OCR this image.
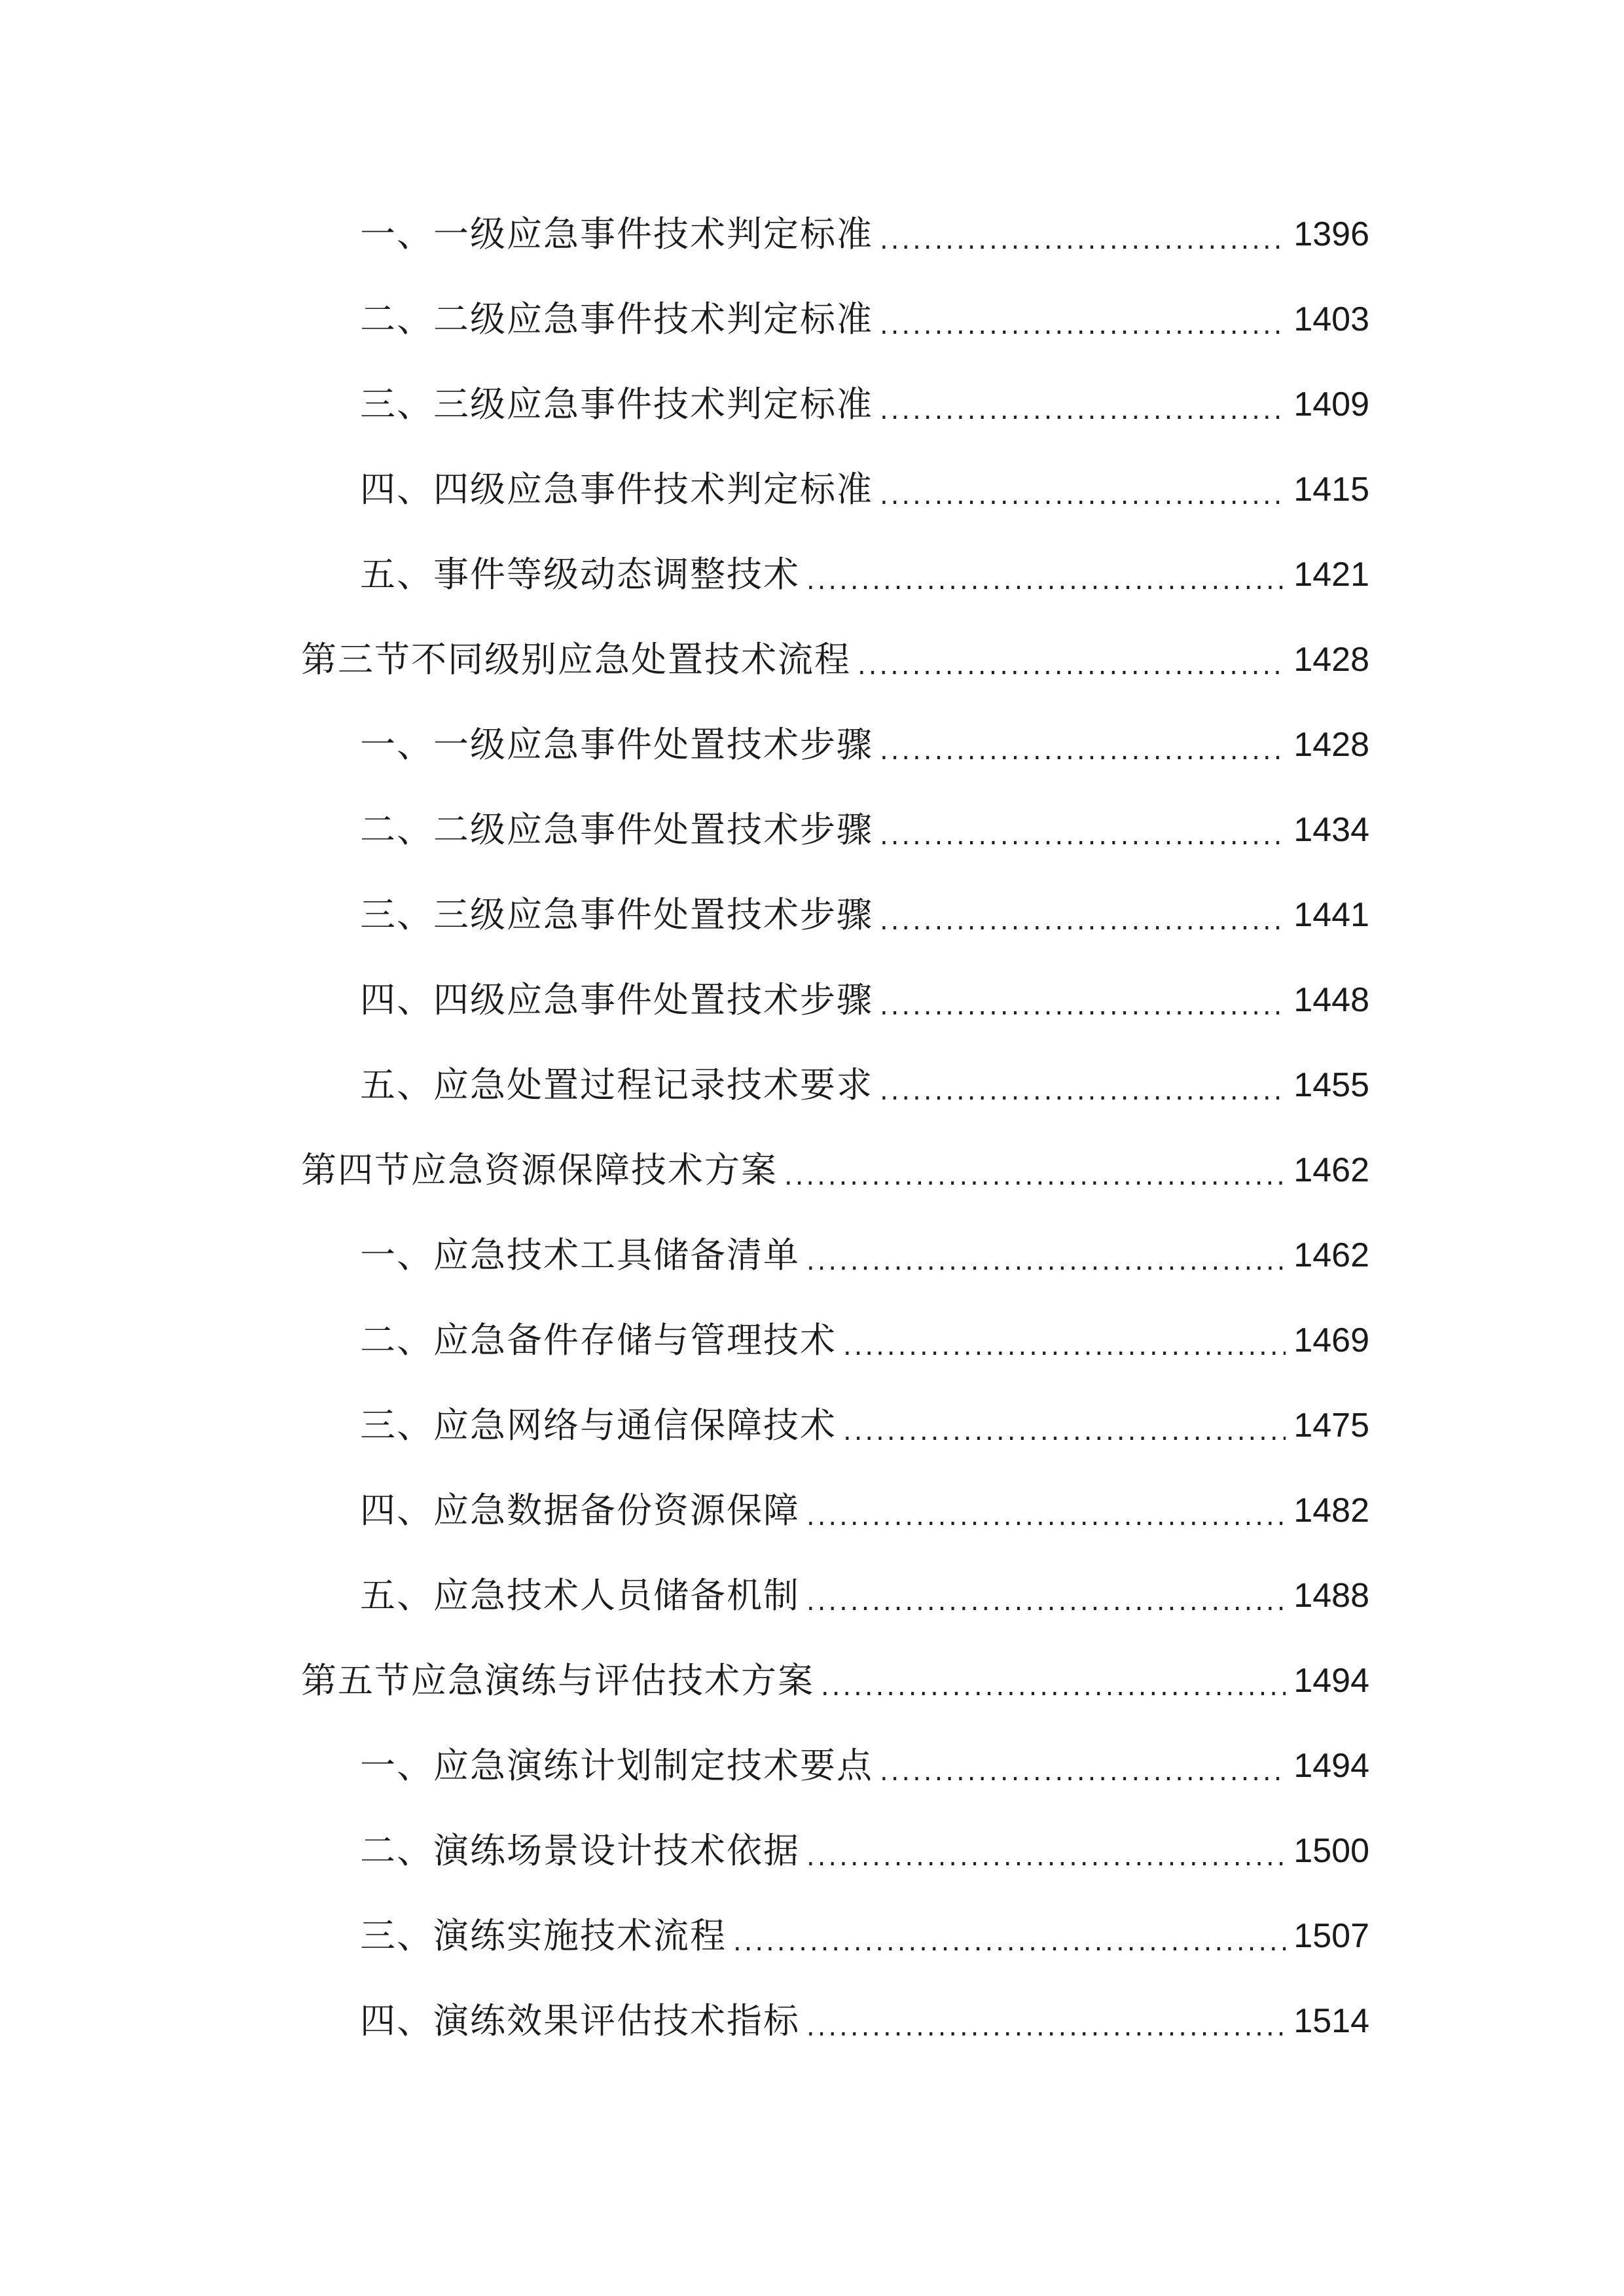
一、一级应急事件技术判定标准 .....	1396
二、二级应急事件技术判定标准 .....	1403
三、三级应急事件技术判定标准 .....	1409
四、四级应急事件技术判定标准 .....	1415
五、事件等级动态调整技术 .....	1421
第三节不同级别应急处置技术流程 .....	1428
一、一级应急事件处置技术步骤 .....	1428
二、二级应急事件处置技术步骤 .....	1434
三、三级应急事件处置技术步骤 .....	1441
四、四级应急事件处置技术步骤 .....	1448
五、应急处置过程记录技术要求 .....	1455
第四节应急资源保障技术方案 .....	1462
一、应急技术工具储备清单 .....	1462
二、应急备件存储与管理技术 .....	1469
三、应急网络与通信保障技术 .....	1475
四、应急数据备份资源保障 .....	1482
五、应急技术人员储备机制 .....	1488
第五节应急演练与评估技术方案 .....	1494
一、应急演练计划制定技术要点 .....	1494
二、演练场景设计技术依据 .....	1500
三、演练实施技术流程 .....	1507
四、演练效果评估技术指标 .....	1514
